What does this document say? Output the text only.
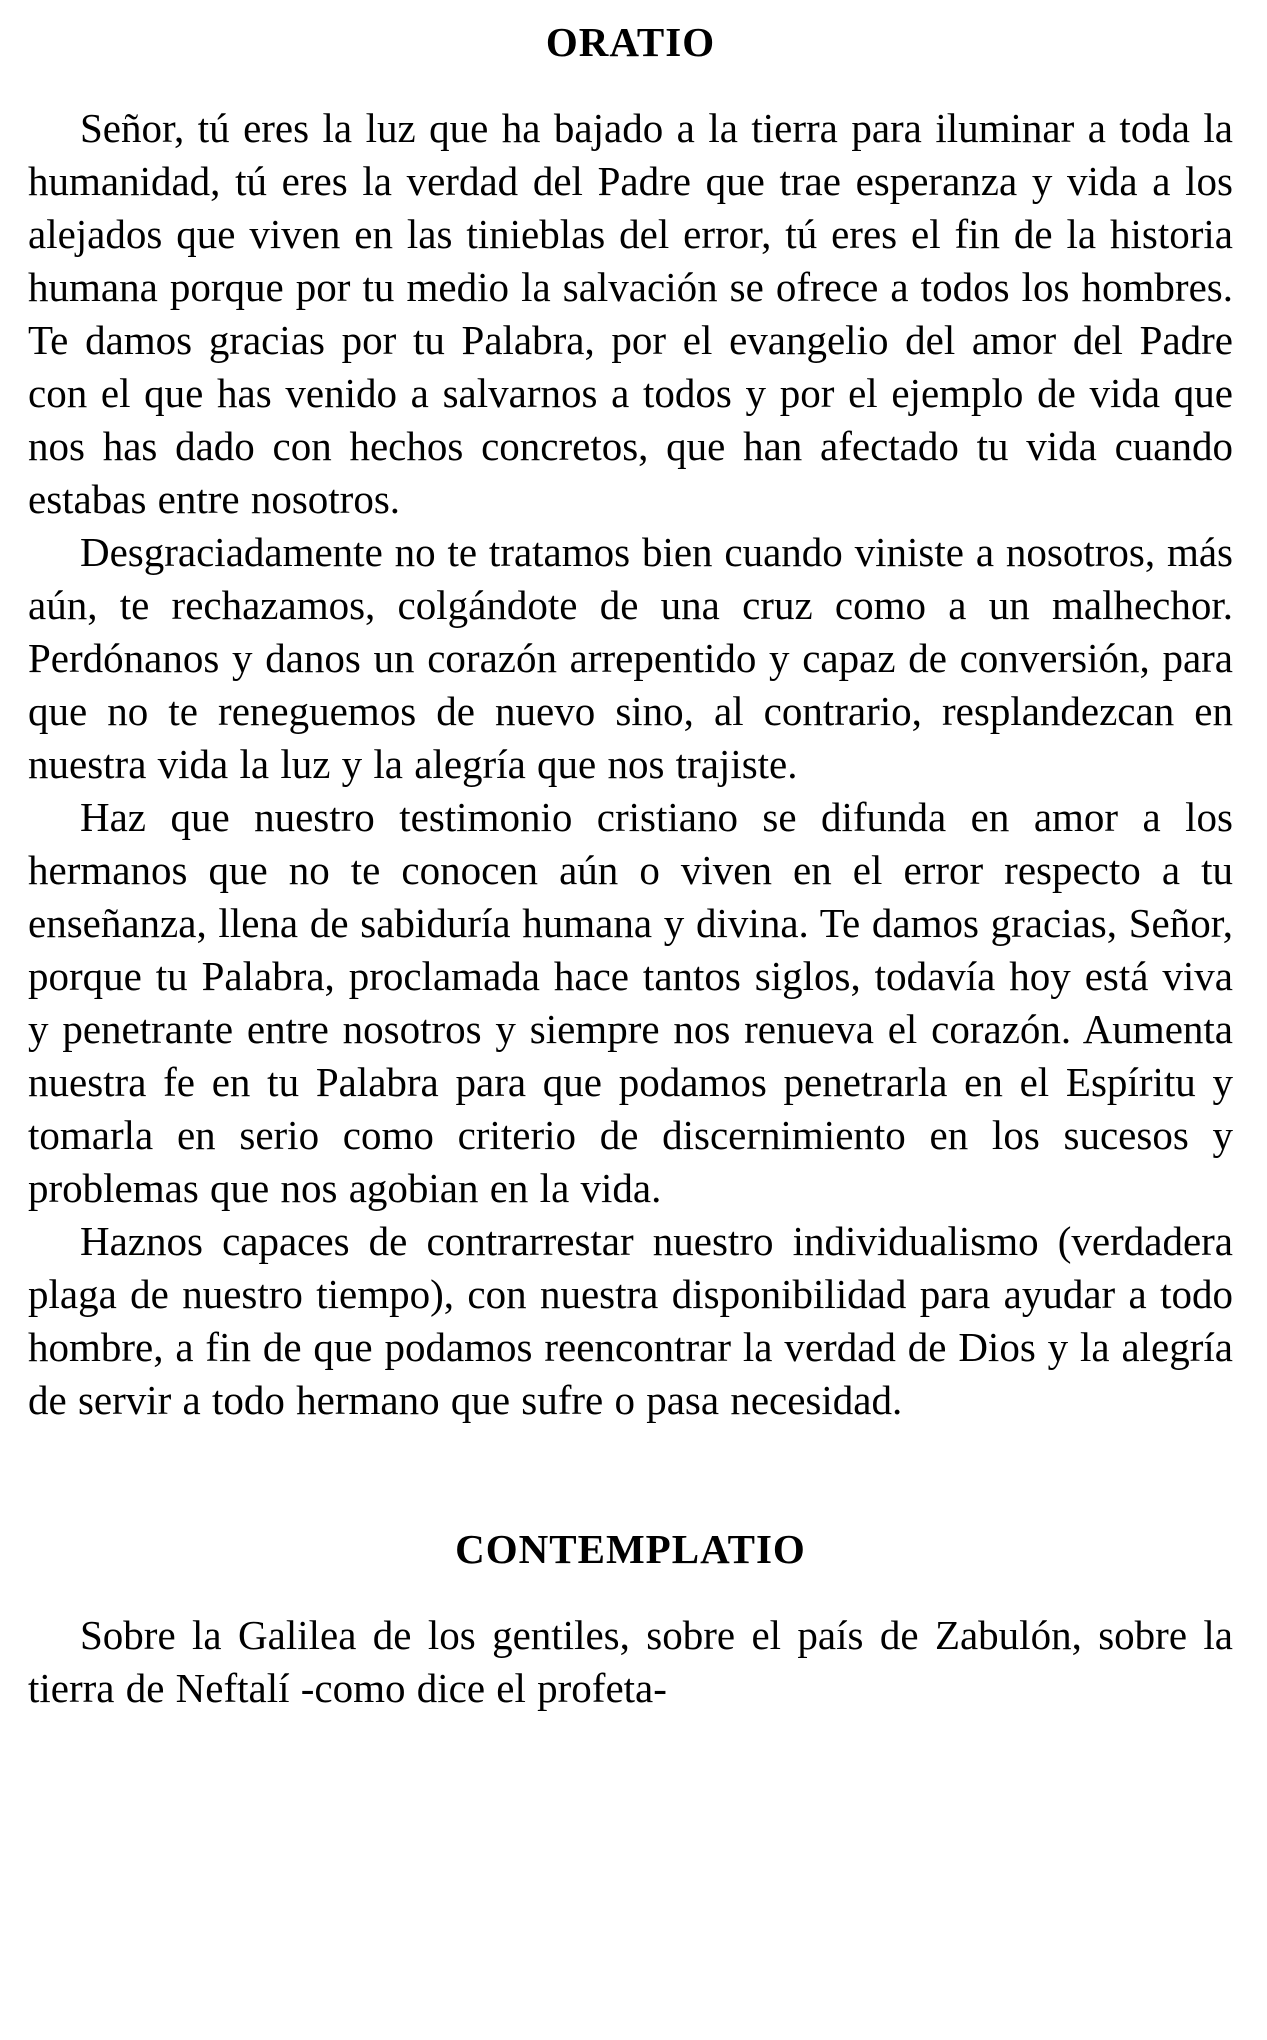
ORATIO

Señor, tú eres la luz que ha bajado a la tierra para iluminar a toda la humanidad, tú eres la verdad del Padre que trae esperanza y vida a los alejados que viven en las tinieblas del error, tú eres el fin de la historia humana porque por tu medio la salvación se ofrece a todos los hombres. Te damos gracias por tu Palabra, por el evangelio del amor del Padre con el que has venido a salvarnos a todos y por el ejemplo de vida que nos has dado con hechos concretos, que han afectado tu vida cuando estabas entre nosotros.

Desgraciadamente no te tratamos bien cuando viniste a nosotros, más aún, te rechazamos, colgándote de una cruz como a un malhechor. Perdónanos y danos un corazón arrepentido y capaz de conversión, para que no te reneguemos de nuevo sino, al contrario, resplandezcan en nuestra vida la luz y la alegría que nos trajiste.

Haz que nuestro testimonio cristiano se difunda en amor a los hermanos que no te conocen aún o viven en el error respecto a tu enseñanza, llena de sabiduría humana y divina. Te damos gracias, Señor, porque tu Palabra, proclamada hace tantos siglos, todavía hoy está viva y penetrante entre nosotros y siempre nos renueva el corazón. Aumenta nuestra fe en tu Palabra para que podamos penetrarla en el Espíritu y tomarla en serio como criterio de discernimiento en los sucesos y problemas que nos agobian en la vida.

Haznos capaces de contrarrestar nuestro individualismo (verdadera plaga de nuestro tiempo), con nuestra disponibilidad para ayudar a todo hombre, a fin de que podamos reencontrar la verdad de Dios y la alegría de servir a todo hermano que sufre o pasa necesidad.

CONTEMPLATIO

Sobre la Galilea de los gentiles, sobre el país de Zabulón, sobre la tierra de Neftalí -como dice el profeta-
